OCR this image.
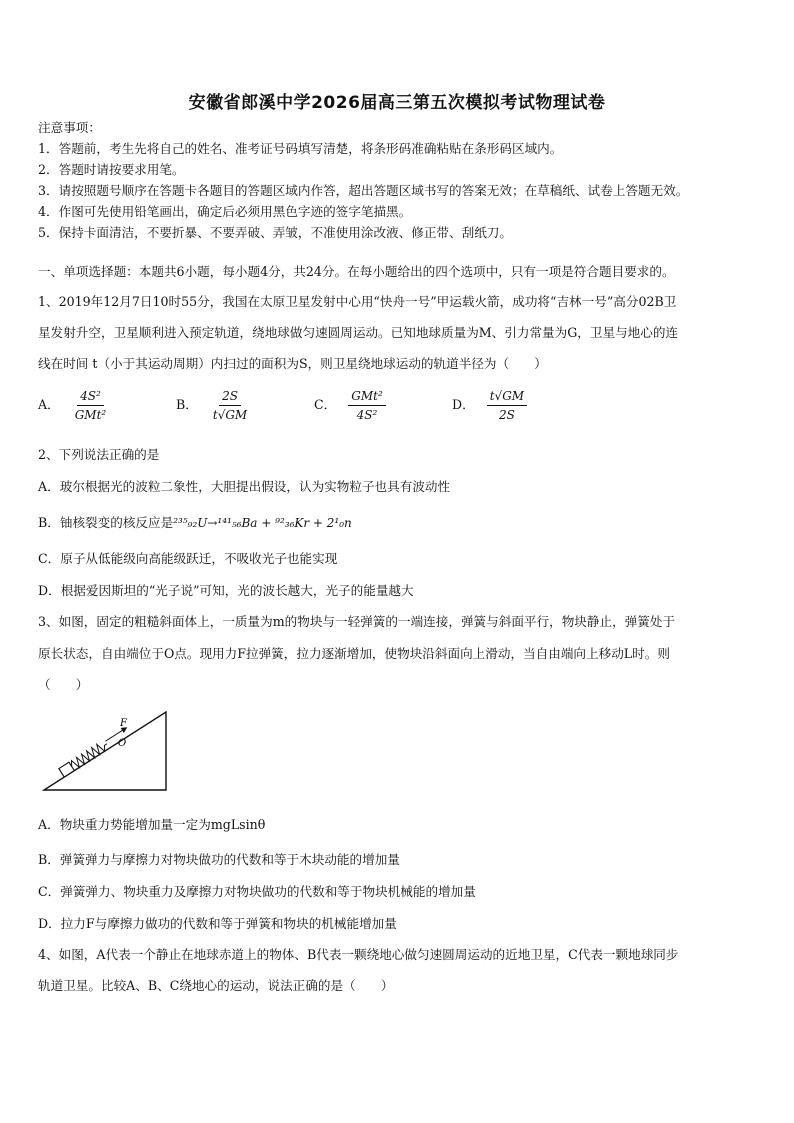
安徽省郎溪中学2026届高三第五次模拟考试物理试卷
注意事项：
1．答题前，考生先将自己的姓名、准考证号码填写清楚，将条形码准确粘贴在条形码区域内。
2．答题时请按要求用笔。
3．请按照题号顺序在答题卡各题目的答题区域内作答，超出答题区域书写的答案无效；在草稿纸、试卷上答题无效。
4．作图可先使用铅笔画出，确定后必须用黑色字迹的签字笔描黑。
5．保持卡面清洁，不要折暴、不要弄破、弄皱，不准使用涂改液、修正带、刮纸刀。
一、单项选择题：本题共6小题，每小题4分，共24分。在每小题给出的四个选项中，只有一项是符合题目要求的。
1、2019年12月7日10时55分，我国在太原卫星发射中心用“快舟一号”甲运载火箭，成功将“吉林一号”高分02B卫
星发射升空，卫星顺利进入预定轨道，绕地球做匀速圆周运动。已知地球质量为M、引力常量为G，卫星与地心的连
线在时间 t（小于其运动周期）内扫过的面积为S，则卫星绕地球运动的轨道半径为（　　）
A． $\frac{\text{4S²}}{\text{GMt²}}$	B． $\frac{2S}{t√GM}$	C． $\frac{\text{GMt²}}{\text{4S²}}$	D． $\frac{t√GM}{2S}$
2、下列说法正确的是
A．玻尔根据光的波粒二象性，大胆提出假设，认为实物粒子也具有波动性
B．铀核裂变的核反应是²³⁵₉₂U→¹⁴¹₅₆Ba + ⁹²₃₆Kr + 2¹₀n
C．原子从低能级向高能级跃迁，不吸收光子也能实现
D．根据爱因斯坦的“光子说”可知，光的波长越大，光子的能量越大
3、如图，固定的粗糙斜面体上，一质量为m的物块与一轻弹簧的一端连接，弹簧与斜面平行，物块静止，弹簧处于
原长状态，自由端位于O点。现用力F拉弹簧，拉力逐渐增加，使物块沿斜面向上滑动，当自由端向上移动L时。则
（　　）
F
O
A．物块重力势能增加量一定为mgLsinθ
B．弹簧弹力与摩擦力对物块做功的代数和等于木块动能的增加量
C．弹簧弹力、物块重力及摩擦力对物块做功的代数和等于物块机械能的增加量
D．拉力F与摩擦力做功的代数和等于弹簧和物块的机械能增加量
4、如图，A代表一个静止在地球赤道上的物体、B代表一颗绕地心做匀速圆周运动的近地卫星，C代表一颗地球同步
轨道卫星。比较A、B、C绕地心的运动，说法正确的是（　　）
